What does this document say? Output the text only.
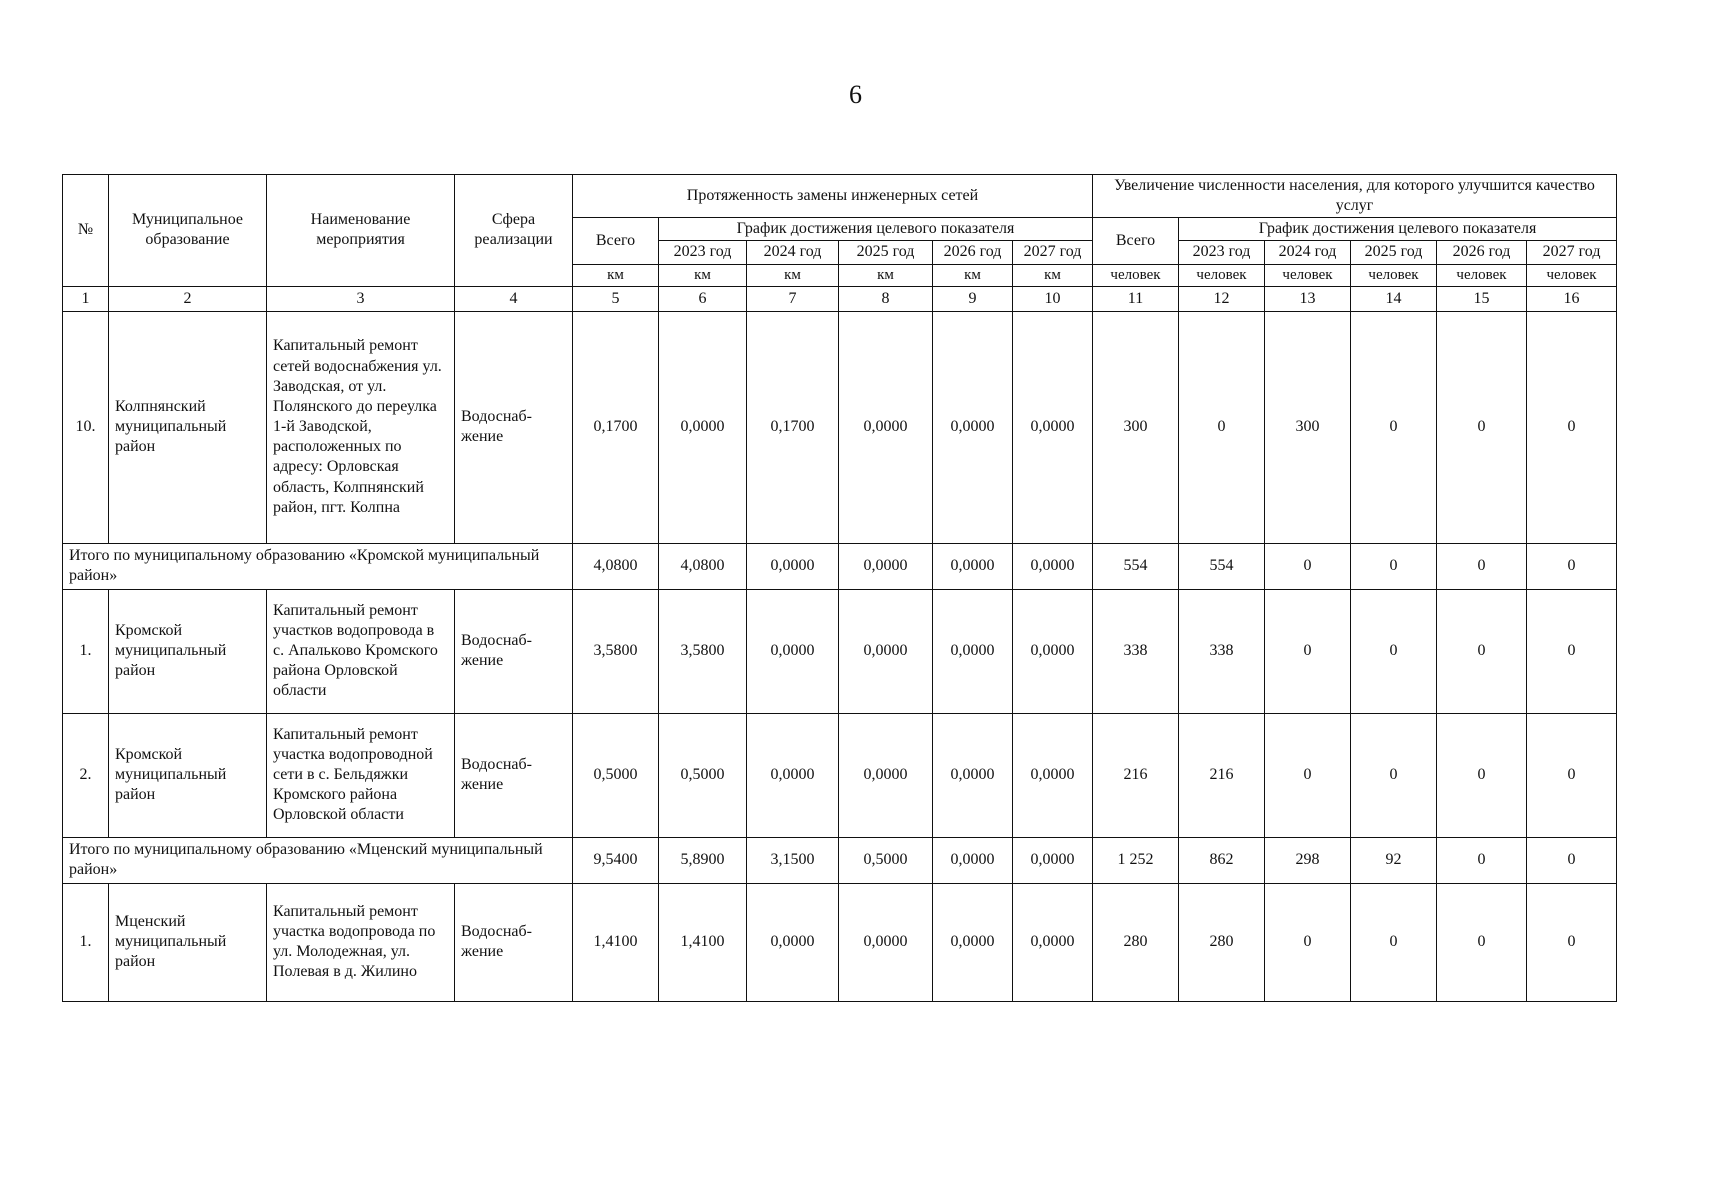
6
№	Муниципальное образование	Наименование мероприятия	Сфера реализации	Протяженность замены инженерных сетей						Увеличение численности населения, для которого улучшится качество услуг					
				Всего	График достижения целевого показателя					Всего	График достижения целевого показателя				
					2023 год	2024 год	2025 год	2026 год	2027 год		2023 год	2024 год	2025 год	2026 год	2027 год
				км	км	км	км	км	км	человек	человек	человек	человек	человек	человек
1	2	3	4	5	6	7	8	9	10	11	12	13	14	15	16
10.	Колпнянский муниципальный район	Капитальный ремонт сетей водоснабжения ул. Заводская, от ул. Полянского до переулка 1-й Заводской, расположенных по адресу: Орловская область, Колпнянский район, пгт. Колпна	Водоснаб-жение	0,1700	0,0000	0,1700	0,0000	0,0000	0,0000	300	0	300	0	0	0
Итого по муниципальному образованию «Кромской муниципальный район»				4,0800	4,0800	0,0000	0,0000	0,0000	0,0000	554	554	0	0	0	0
1.	Кромской муниципальный район	Капитальный ремонт участков водопровода в с. Апальково Кромского района Орловской области	Водоснаб-жение	3,5800	3,5800	0,0000	0,0000	0,0000	0,0000	338	338	0	0	0	0
2.	Кромской муниципальный район	Капитальный ремонт участка водопроводной сети в с. Бельдяжки Кромского района Орловской области	Водоснаб-жение	0,5000	0,5000	0,0000	0,0000	0,0000	0,0000	216	216	0	0	0	0
Итого по муниципальному образованию «Мценский муниципальный район»				9,5400	5,8900	3,1500	0,5000	0,0000	0,0000	1 252	862	298	92	0	0
1.	Мценский муниципальный район	Капитальный ремонт участка водопровода по ул. Молодежная, ул. Полевая в д. Жилино	Водоснаб-жение	1,4100	1,4100	0,0000	0,0000	0,0000	0,0000	280	280	0	0	0	0
